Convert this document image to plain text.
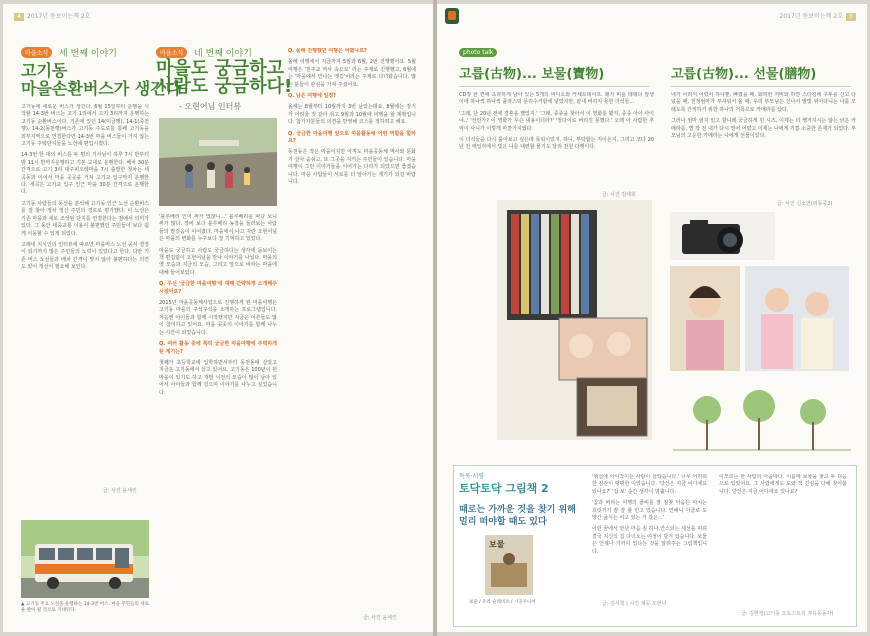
4 2017년 돋보이는책 2호
마을소식	세 번째 이야기
고기동
마을손환버스가 생긴다

고기동에 새로운 버스가 생긴다. 6월 15일부터 운행을 시작할 14-3번 버스는 고기 1리에서 고기 3리까지 운행하는 고기동 순환버스이다. 기존에 있던 14(미금행), 14-1(죽전행), 14-2(동천행)버스가 고기동 주도로를 통해 고기동을 외부지역으로 연결한다면 14-3번 마을 버스들이 가지 않는 고기동 주택단지들을 노선에 편입시켰다.

14-3번 한 대의 버스를 두 명의 기사님이 하루 7시 반부터 밤 11시 반까지운행하고 기본 교대로 운행한다. 배차 30분 간격으로 고기 3리 대주피오레마을 7시 출발한 첫차는 세곡동과 이어서 마을 곳곳을 거쳐 고기교 입구까지 운행한다. 세곡은 고기교 입구 인근 마을 30분 간격으로 운행한다.

고기동 사람들의 동선을 분석해 고기동 인근 노선 순환버스를 잘 찾아 정차 정신 주민의 경로로 평가했다. 이 노선은 기존 마을과 새로 조성된 단지를 연결한다는 점에서 의미가 있다. 그 동안 대중교통 이용이 불편했던 주민들이 보다 쉽게 이동할 수 있게 되었다.

고래네 지식인의 인터뷰에 따르면 마을버스 노선 공식 결정이 되기까지 많은 주민들의 노력이 있었다고 한다. 다만 기존 버스 노선들과 배차 간격이 맞지 않아 불편하다는 의견도 있어 개선이 필요해 보인다.

글: 사진 윤세린
▲ 고기동 주요 노선을 운행하는 14-3번 버스. 마을 주민들의 새로운 발이 될 것으로 기대된다.
마을소식	네 번째 이야기
마을도 궁금하고
사람도 궁금하다!
- 오현어님 인터뷰

'블루베리 인어 싸가 였잖니...' 블루베리를 따다 보니 싸가 많다. 장비 보다 블루베리 농장을 둘러보는 사람들의 발걸음이 이어졌다. 마을에서 나고 자란 오현어님은 마을의 변화를 누구보다 잘 기억하고 있었다.

마을도 궁금하고 사람도 궁금하다는 생각에 돋보이는책 편집팀이 오현어님을 만나 이야기를 나눴다. 마을의 옛 모습과 지금의 모습, 그리고 앞으로 바라는 마을에 대해 들어보았다.

Q. 우선 '궁금한 마을여행'에 대해 간략하게 소개해주시겠어요?

2015년 마을공동체사업으로 진행하게 된 마을여행은 고기동 마을의 구석구석을 소개하는 프로그램입니다. 처음엔 아이들과 함께 시작했지만 지금은 어른들도 많이 참여하고 있어요. 마을 곳곳의 이야기를 함께 나누는 시간이 되었습니다.

Q. 여러 활동 중에 특히 궁금한 마을여행에 주력하게 된 계기는?

첫째가 초등학교에 입학하면서부터 동천동에 살았고 지금은 고기동에서 살고 있어요. 고기동은 100년이 된 마을이 있기도 하고 개발 이전의 모습이 많이 남아 있어서 아이들과 함께 걸으며 이야기를 나누고 싶었습니다.

Q. 올해 진행했던 여행은 어땠나요?

올해 여행에서 지금까지 5월과 6월, 2번 진행했어요. 5월 여행은 '천주교 역사 속으로' 라는 주제로 진행했고, 6월에는 '마을에서 만나는 옛길'이라는 주제로 다녀왔습니다. 많은 분들이 관심을 가져 주셨어요.

Q. 남은 여행에 일정?

올해는 8월부터 10월까지 3번 남았는데요. 8월에는 장기가 어려울 것 같아 쉬고 9월과 10월에 여행을 할 계획입니다. 참가자분들의 의견을 반영해 코스를 정하려고 해요.

Q. 궁금한 마을여행 앞으로 마을활동에 어떤 역할을 할까요?

동천동은 작은 마을이지만 아직도 마을공동체 역사와 문화가 살아 숨쉬고, 또 그곳을 지키는 주민들이 있습니다. 마을여행이 그런 이야기들을 이어가는 다리가 되었으면 좋겠습니다. 마을 사람들이 서로를 더 알아가는 계기가 되길 바랍니다.

글: 사진 윤세린
2017년 돋보이는책 2호 5
photo talk
고릅(古物)... 보물(寶物)

CD장 한 켠에 초라하게 남아 있는 5개의 비디오와 카세트테이프. 왜가 비를 테테다 알생이에 하나씩 하나씩 플라스틱 문리수거함에 넣었지만, 끝내 버리지 못한 녀석들...

'그래, 난 20년 전에 결혼을 했었지.' '그래, 종종을 찾아서 이 영화를 봤지, 종종 아이 사이야..' '선린가? 이 영화가 무슨 내용이더라?' '정다이로 버리진 못했다.' 오래 아 사람한 추억이 사니가 이렇게 마찬가지였다.

이 녀석들을 다시 틀어보고 싶은데 목워이었지. 하니, 부탁합는 지이온지, 그리고 코다 20년 전 태일리에서 빛은 나를 대련할 물기도 달리 천원 다행이다.

글: 사진 김태희
고릅(古物)... 선물(膳物)

내가 어려서 어렸어 하나뿐, 빠졌을 때, 화려한 저비와 하얀 스타킹에 구두를 신고 다녔을 때, 친정엄마가 부셔워서 올 때, 우리 부모님은 신나서 발빛 위아다니는 나를 모래도록 간직하기 위한 하나의 거목으로 카메라를 샀다.

그러나 엄마 엄지 있고 할니레 궁금하게 된 시즈, 이제는 더 쌩겨지시는 않는 낡은 카메라를, 별 장 전 내가 다시 열어 어렸고 이제는 나에게 기쁨 소중한 존재가 되었다. 부모님의 고운한 카메라는 나에게 선물이었다.

글: 사진 신소연(외동중2)
독독·서평
토닥토닥 그림책 2
때로는 가까운 것을 찾기 위해
멀리 떠야할 때도 있다
보물
보물 / 유리 슐레비츠 / 시공주니어

'엠실에 아이작이는 사람이 살았습니다.' 너무 어려워 한 잠잔이 팽팽한 이었습니다. '당신은 지금 어디에요 있나요?' '집 보' 순간 생각이 멈춥니다.

'참과 버텨는 여행의 줄비를 잠 잠찾 마음은 마치는 흐릿끼기 잠 잘 할 민고 있습니다. 연해니 아클로 도망간 굶식는 여고 있는 거 같은...'

이런 꿈에서 만난 마음 짐 하나 안스되는 세상을 피워 결국 지신의 집 다녀오는 여정이 담겨 있습니다. 보물은 언제나 가까이 있다는 것을 알려주는 그림책입니다.

이모르는 한 사람의 아줌마다. 이름에 보물을 찾고 두 다음으로 있었어요. 그 사람에게도 도와 적 진심을 다해 찾아봅니다. 당신은 지금 어디에요 있나요?

글: 김서희 | 사진 제공 오현어
글: 김현정(고기동 오토스토리 자유동동자)
